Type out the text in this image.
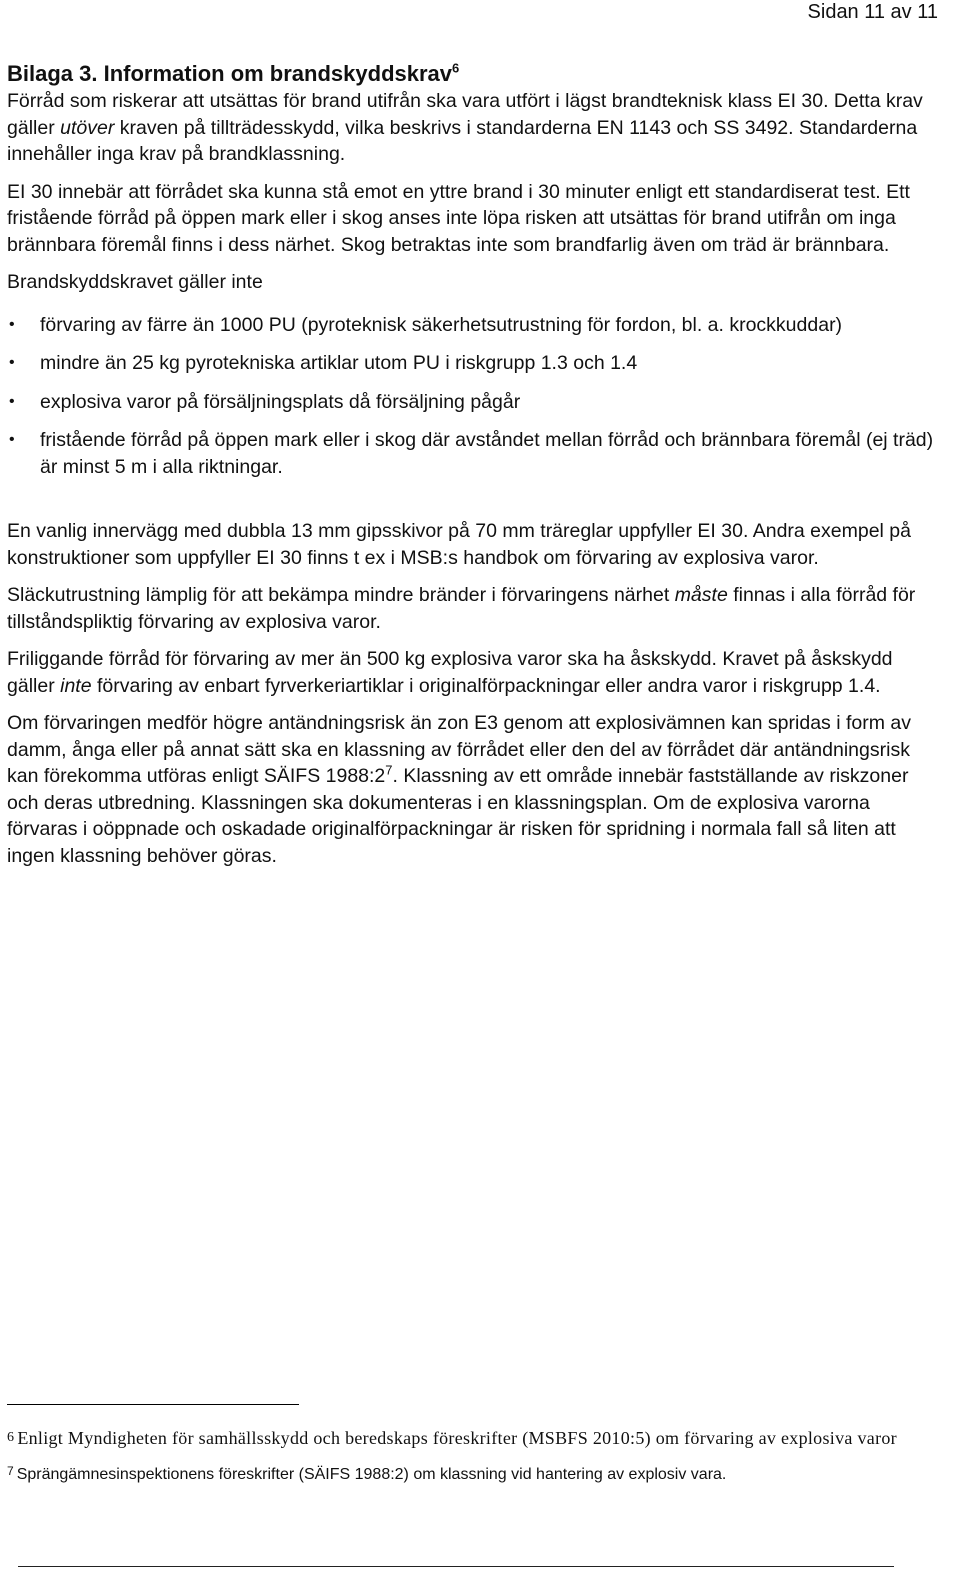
Sidan 11 av 11
Bilaga 3. Information om brandskyddskrav$^6$

Förråd som riskerar att utsättas för brand utifrån ska vara utfört i lägst brandteknisk klass EI 30. Detta krav gäller utöver kraven på tillträdesskydd, vilka beskrivs i standarderna EN 1143 och SS 3492. Standarderna innehåller inga krav på brandklassning.

EI 30 innebär att förrådet ska kunna stå emot en yttre brand i 30 minuter enligt ett standardiserat test. Ett fristående förråd på öppen mark eller i skog anses inte löpa risken att utsättas för brand utifrån om inga brännbara föremål finns i dess närhet. Skog betraktas inte som brandfarlig även om träd är brännbara.

Brandskyddskravet gäller inte

• förvaring av färre än 1000 PU (pyroteknisk säkerhetsutrustning för fordon, bl. a. krockkuddar)
• mindre än 25 kg pyrotekniska artiklar utom PU i riskgrupp 1.3 och 1.4
• explosiva varor på försäljningsplats då försäljning pågår
• fristående förråd på öppen mark eller i skog där avståndet mellan förråd och brännbara föremål (ej träd) är minst 5 m i alla riktningar.

En vanlig innervägg med dubbla 13 mm gipsskivor på 70 mm träreglar uppfyller EI 30. Andra exempel på konstruktioner som uppfyller EI 30 finns t ex i MSB:s handbok om förvaring av explosiva varor.

Släckutrustning lämplig för att bekämpa mindre bränder i förvaringens närhet måste finnas i alla förråd för tillståndspliktig förvaring av explosiva varor.

Friliggande förråd för förvaring av mer än 500 kg explosiva varor ska ha åskskydd. Kravet på åskskydd gäller inte förvaring av enbart fyrverkeriartiklar i originalförpackningar eller andra varor i riskgrupp 1.4.

Om förvaringen medför högre antändningsrisk än zon E3 genom att explosivämnen kan spridas i form av damm, ånga eller på annat sätt ska en klassning av förrådet eller den del av förrådet där antändningsrisk kan förekomma utföras enligt SÄIFS $1988:2^7$. Klassning av ett område innebär fastställande av riskzoner och deras utbredning. Klassningen ska dokumenteras i en klassningsplan. Om de explosiva varorna förvaras i oöppnade och oskadade originalförpackningar är risken för spridning i normala fall så liten att ingen klassning behöver göras.

6 Enligt Myndigheten för samhällsskydd och beredskaps föreskrifter (MSBFS 2010:5) om förvaring av explosiva varor
$^7$ Sprängämnesinspektionens föreskrifter (SÄIFS 1988:2) om klassning vid hantering av explosiv vara.
